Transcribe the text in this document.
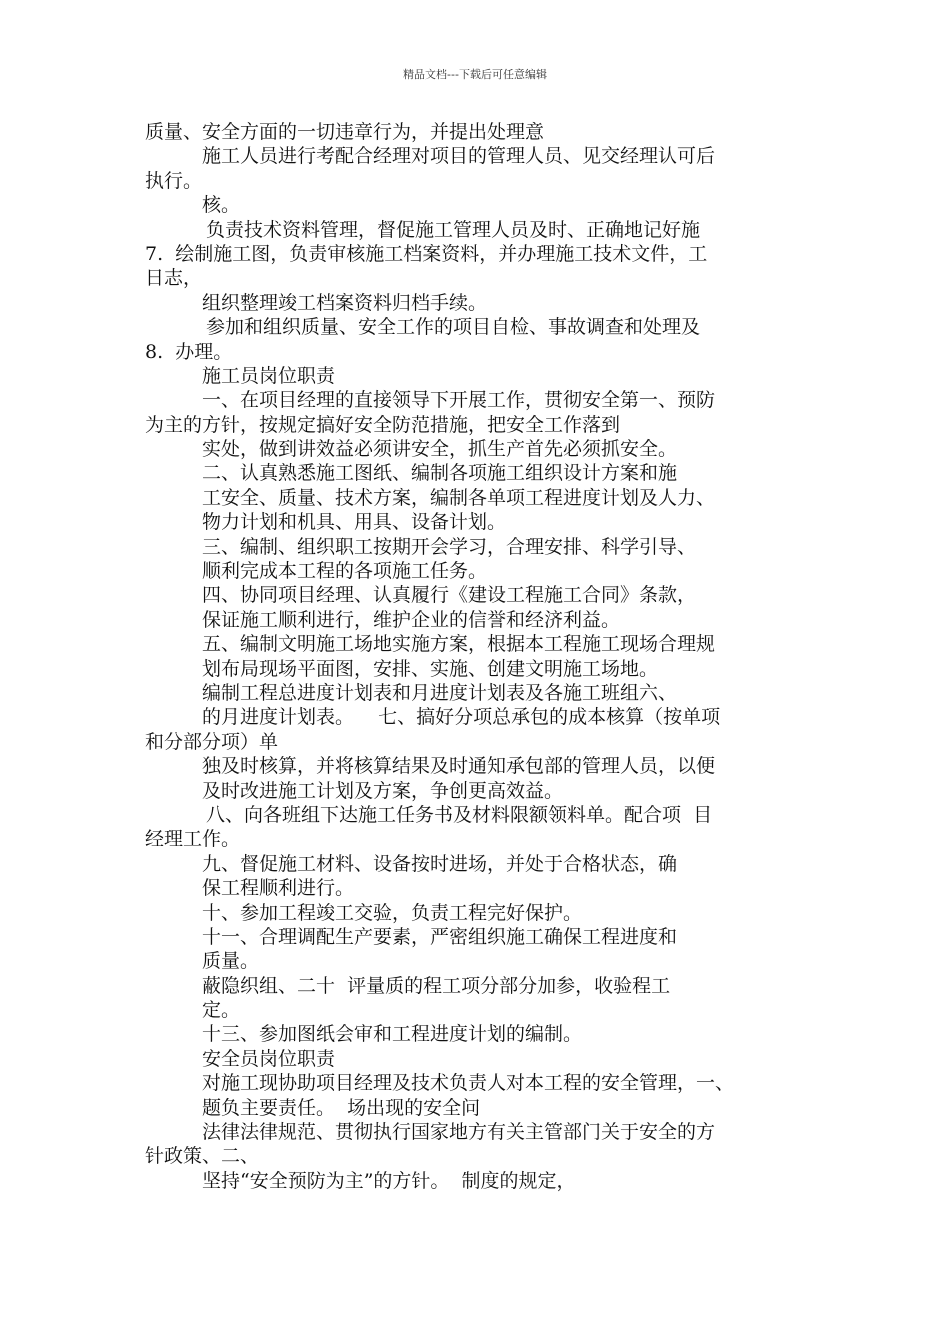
精品文档---下载后可任意编辑
质量、安全方面的一切违章行为，并提出处理意
施工人员进行考配合经理对项目的管理人员、见交经理认可后
执行。
核。
负责技术资料管理，督促施工管理人员及时、正确地记好施
7.  绘制施工图，负责审核施工档案资料，并办理施工技术文件，工
日志，
组织整理竣工档案资料归档手续。
参加和组织质量、安全工作的项目自检、事故调查和处理及
8.  办理。
施工员岗位职责
一、在项目经理的直接领导下开展工作，贯彻安全第一、预防
为主的方针，按规定搞好安全防范措施，把安全工作落到
实处，做到讲效益必须讲安全，抓生产首先必须抓安全。
二、认真熟悉施工图纸、编制各项施工组织设计方案和施
工安全、质量、技术方案，编制各单项工程进度计划及人力、
物力计划和机具、用具、设备计划。
三、编制、组织职工按期开会学习，合理安排、科学引导、
顺利完成本工程的各项施工任务。
四、协同项目经理、认真履行《建设工程施工合同》条款，
保证施工顺利进行，维护企业的信誉和经济利益。
五、编制文明施工场地实施方案，根据本工程施工现场合理规
划布局现场平面图，安排、实施、创建文明施工场地。
编制工程总进度计划表和月进度计划表及各施工班组六、
的月进度计划表。    七、搞好分项总承包的成本核算（按单项
和分部分项）单
独及时核算，并将核算结果及时通知承包部的管理人员，以便
及时改进施工计划及方案，争创更高效益。
八、向各班组下达施工任务书及材料限额领料单。配合项  目
经理工作。
九、督促施工材料、设备按时进场，并处于合格状态，确
保工程顺利进行。
十、参加工程竣工交验，负责工程完好保护。
十一、合理调配生产要素，严密组织施工确保工程进度和
质量。
蔽隐织组、二十  评量质的程工项分部分加参，收验程工
定。
十三、参加图纸会审和工程进度计划的编制。
安全员岗位职责
对施工现协助项目经理及技术负责人对本工程的安全管理，一、
题负主要责任。  场出现的安全问
法律法律规范、贯彻执行国家地方有关主管部门关于安全的方
针政策、二、
坚持“安全预防为主”的方针。  制度的规定，
